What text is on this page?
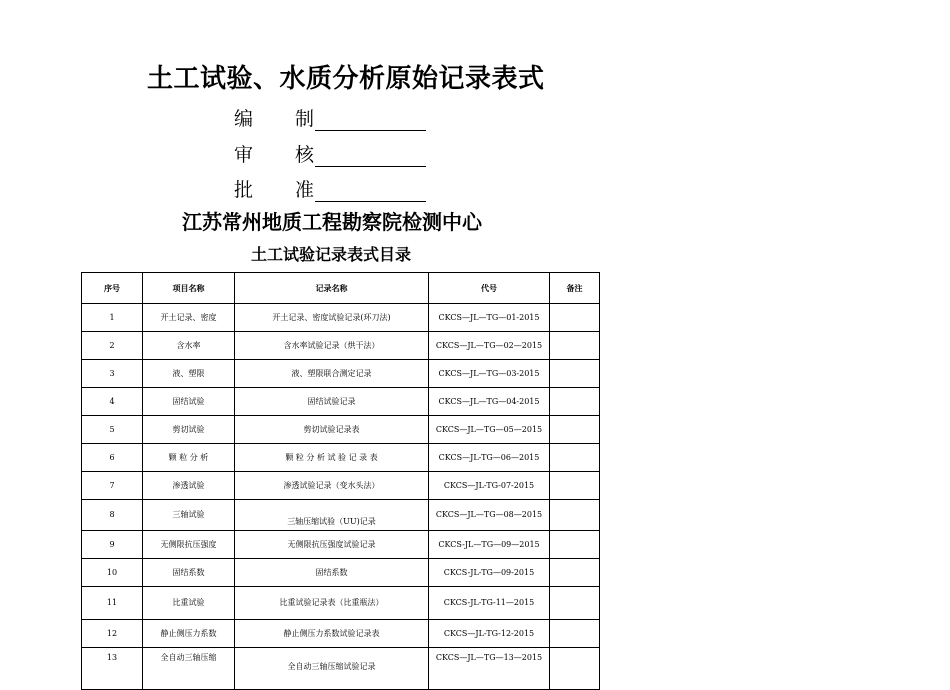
土工试验、水质分析原始记录表式
编 制
审 核
批 准
江苏常州地质工程勘察院检测中心
土工试验记录表式目录
序号	项目名称	记录名称	代号	备注
1	开土记录、密度	开土记录、密度试验记录(环刀法)	CKCS—JL—TG—01-2015	
2	含水率	含水率试验记录（烘干法）	CKCS—JL—TG—02—2015	
3	液、塑限	液、塑限联合测定记录	CKCS—JL—TG—03-2015	
4	固结试验	固结试验记录	CKCS—JL—TG—04-2015	
5	剪切试验	剪切试验记录表	CKCS—JL—TG—05—2015	
6	颗 粒 分 析	颗 粒 分 析 试 验 记 录 表	CKCS—JL-TG—06—2015	
7	渗透试验	渗透试验记录（变水头法）	CKCS—JL-TG-07-2015	
8	三轴试验	三轴压缩试验（UU)记录	CKCS—JL—TG—08—2015	
9	无侧限抗压强度	无侧限抗压强度试验记录	CKCS-JL—TG—09—2015	
10	固结系数	固结系数	CKCS-JL-TG—09-2015	
11	比重试验	比重试验记录表（比重瓶法）	CKCS-JL-TG-11—2015	
12	静止侧压力系数	静止侧压力系数试验记录表	CKCS—JL-TG-12-2015	
13	全自动三轴压缩	全自动三轴压缩试验记录	CKCS—JL—TG—13—2015	
